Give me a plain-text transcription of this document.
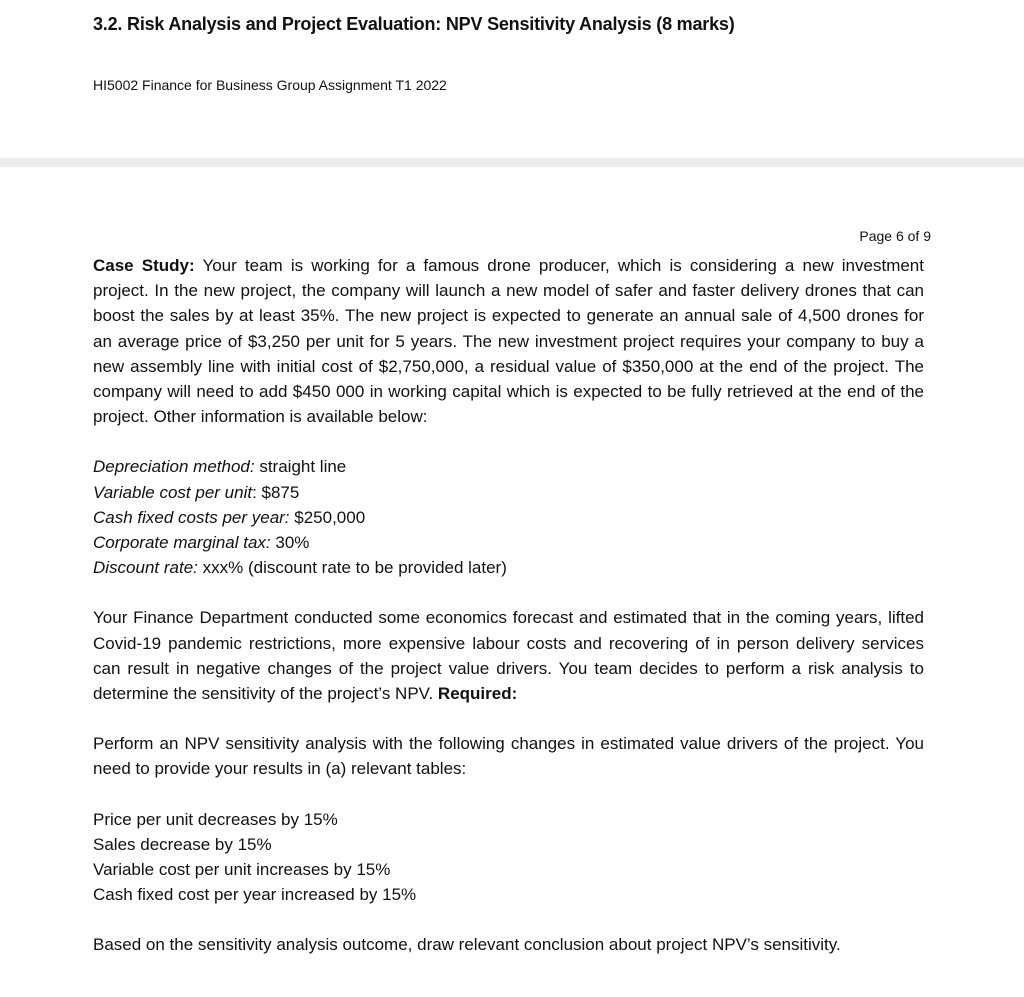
3.2. Risk Analysis and Project Evaluation: NPV Sensitivity Analysis (8 marks)
HI5002 Finance for Business Group Assignment T1 2022
Page 6 of 9

Case Study: Your team is working for a famous drone producer, which is considering a new investment project. In the new project, the company will launch a new model of safer and faster delivery drones that can boost the sales by at least 35%. The new project is expected to generate an annual sale of 4,500 drones for an average price of $3,250 per unit for 5 years. The new investment project requires your company to buy a new assembly line with initial cost of $2,750,000, a residual value of $350,000 at the end of the project. The company will need to add $450 000 in working capital which is expected to be fully retrieved at the end of the project. Other information is available below:

Depreciation method: straight line
Variable cost per unit: $875
Cash fixed costs per year: $250,000
Corporate marginal tax: 30%
Discount rate: xxx% (discount rate to be provided later)

Your Finance Department conducted some economics forecast and estimated that in the coming years, lifted Covid-19 pandemic restrictions, more expensive labour costs and recovering of in person delivery services can result in negative changes of the project value drivers. You team decides to perform a risk analysis to determine the sensitivity of the project’s NPV. Required:

Perform an NPV sensitivity analysis with the following changes in estimated value drivers of the project. You need to provide your results in (a) relevant tables:

Price per unit decreases by 15%
Sales decrease by 15%
Variable cost per unit increases by 15%
Cash fixed cost per year increased by 15%

Based on the sensitivity analysis outcome, draw relevant conclusion about project NPV’s sensitivity.
